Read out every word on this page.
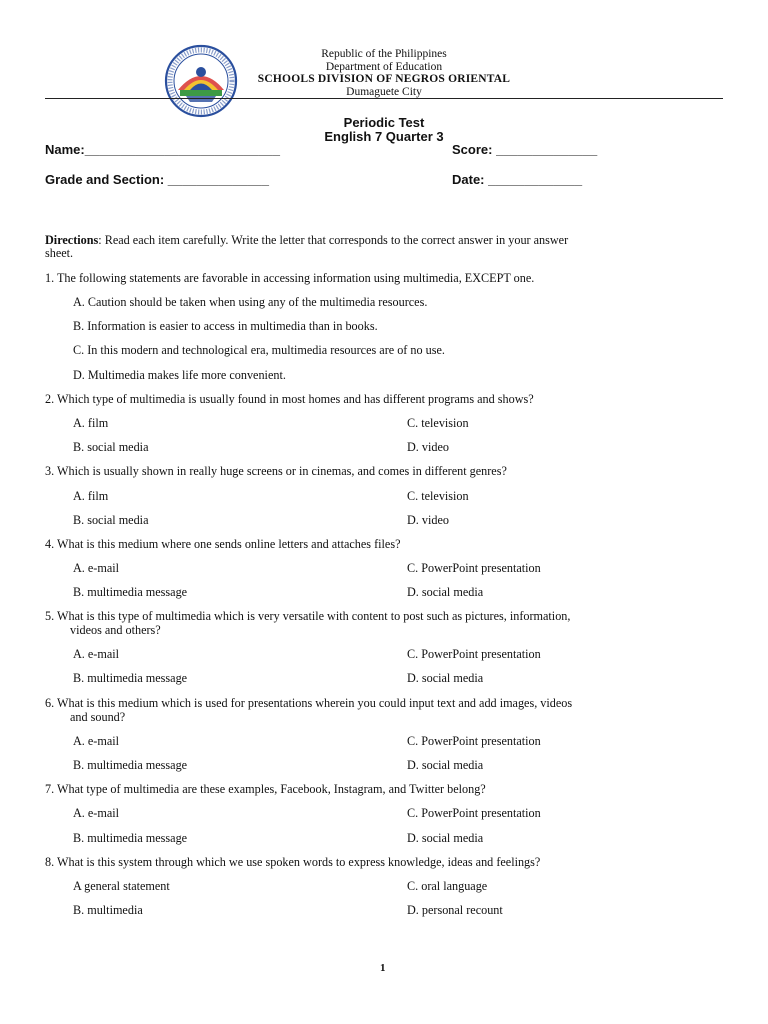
Republic of the Philippines
Department of Education
SCHOOLS DIVISION OF NEGROS ORIENTAL
Dumaguete City
Periodic Test
English 7 Quarter 3
Name:___________________________	Score: ______________
Grade and Section: ______________	Date: _____________
Directions: Read each item carefully. Write the letter that corresponds to the correct answer in your answer
sheet.
1. The following statements are favorable in accessing information using multimedia, EXCEPT one.
A. Caution should be taken when using any of the multimedia resources.
B. Information is easier to access in multimedia than in books.
C. In this modern and technological era, multimedia resources are of no use.
D. Multimedia makes life more convenient.
2. Which type of multimedia is usually found in most homes and has different programs and shows?
A. film	C. television
B. social media	D. video
3. Which is usually shown in really huge screens or in cinemas, and comes in different genres?
A. film	C. television
B. social media	D. video
4. What is this medium where one sends online letters and attaches files?
A. e-mail	C. PowerPoint presentation
B. multimedia message	D. social media
5. What is this type of multimedia which is very versatile with content to post such as pictures, information,
videos and others?
A. e-mail	C. PowerPoint presentation
B. multimedia message	D. social media
6. What is this medium which is used for presentations wherein you could input text and add images, videos
and sound?
A. e-mail	C. PowerPoint presentation
B. multimedia message	D. social media
7. What type of multimedia are these examples, Facebook, Instagram, and Twitter belong?
A. e-mail	C. PowerPoint presentation
B. multimedia message	D. social media
8. What is this system through which we use spoken words to express knowledge, ideas and feelings?
A general statement	C. oral language
B. multimedia	D. personal recount
1
